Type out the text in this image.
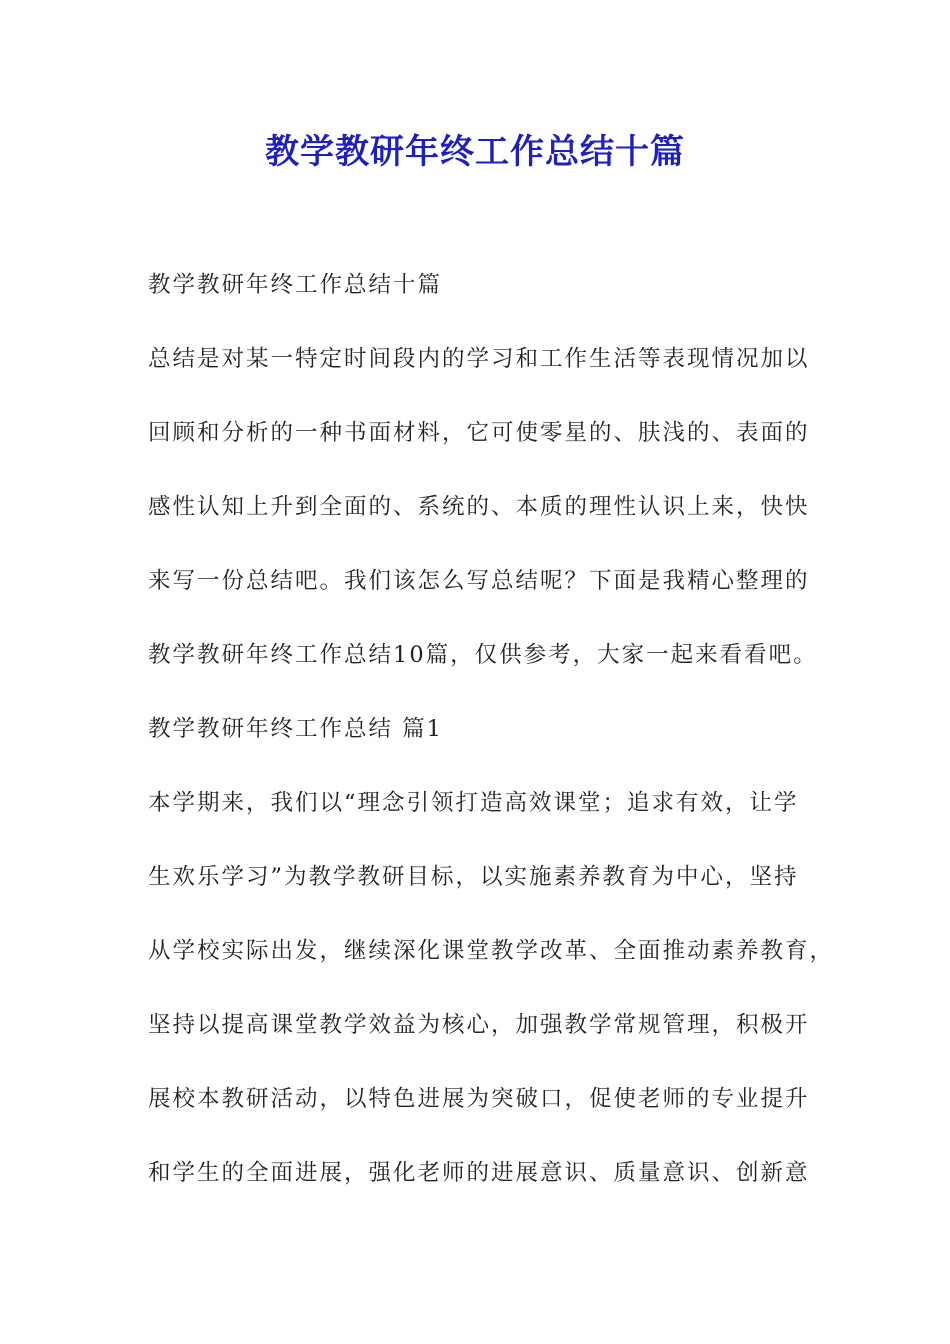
教学教研年终工作总结十篇
教学教研年终工作总结十篇
总结是对某一特定时间段内的学习和工作生活等表现情况加以
回顾和分析的一种书面材料，它可使零星的、肤浅的、表面的
感性认知上升到全面的、系统的、本质的理性认识上来，快快
来写一份总结吧。我们该怎么写总结呢？下面是我精心整理的
教学教研年终工作总结10篇，仅供参考，大家一起来看看吧。
教学教研年终工作总结 篇1
本学期来，我们以“理念引领打造高效课堂；追求有效，让学
生欢乐学习”为教学教研目标，以实施素养教育为中心，坚持
从学校实际出发，继续深化课堂教学改革、全面推动素养教育，
坚持以提高课堂教学效益为核心，加强教学常规管理，积极开
展校本教研活动，以特色进展为突破口，促使老师的专业提升
和学生的全面进展，强化老师的进展意识、质量意识、创新意
